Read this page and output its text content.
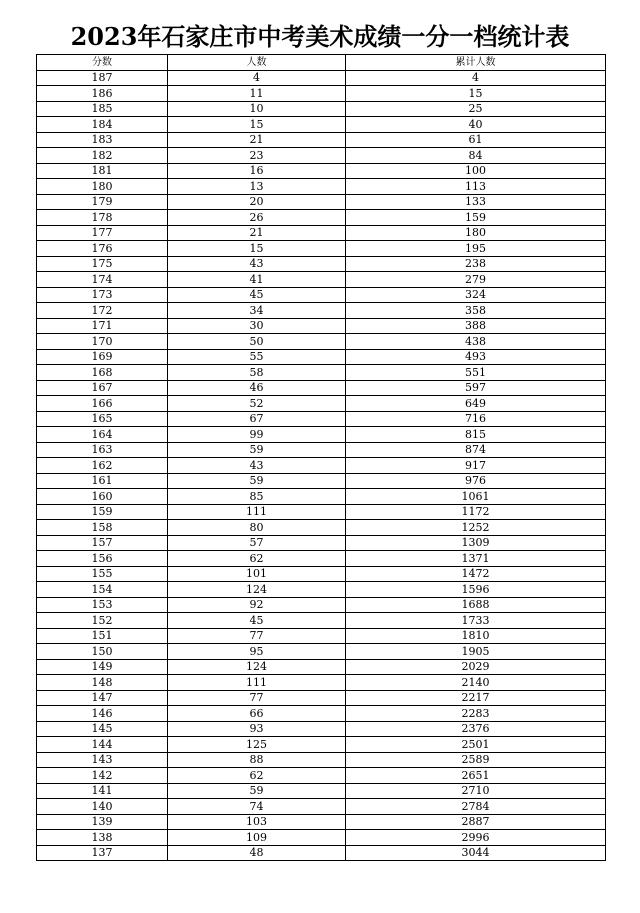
2023年石家庄市中考美术成绩一分一档统计表
分数	人数	累计人数
187	4	4
186	11	15
185	10	25
184	15	40
183	21	61
182	23	84
181	16	100
180	13	113
179	20	133
178	26	159
177	21	180
176	15	195
175	43	238
174	41	279
173	45	324
172	34	358
171	30	388
170	50	438
169	55	493
168	58	551
167	46	597
166	52	649
165	67	716
164	99	815
163	59	874
162	43	917
161	59	976
160	85	1061
159	111	1172
158	80	1252
157	57	1309
156	62	1371
155	101	1472
154	124	1596
153	92	1688
152	45	1733
151	77	1810
150	95	1905
149	124	2029
148	111	2140
147	77	2217
146	66	2283
145	93	2376
144	125	2501
143	88	2589
142	62	2651
141	59	2710
140	74	2784
139	103	2887
138	109	2996
137	48	3044
